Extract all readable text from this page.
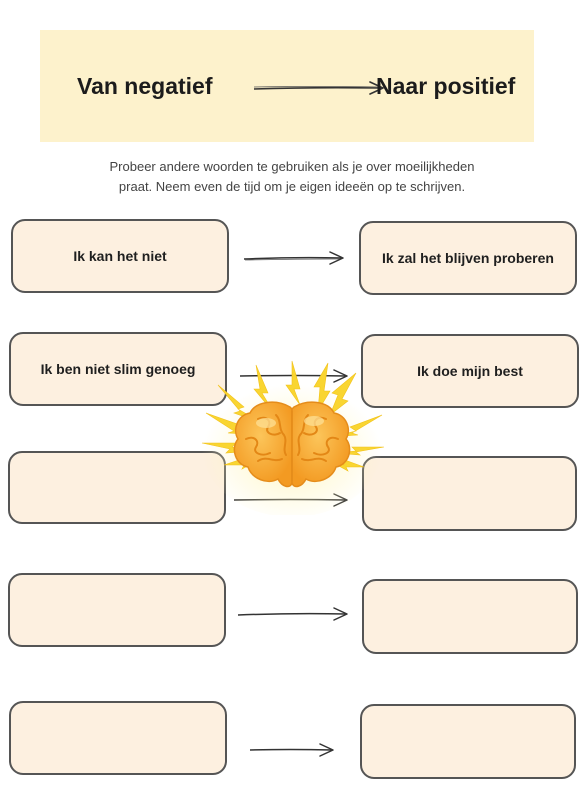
Van negatief	Naar positief
Probeer andere woorden te gebruiken als je over moeilijkheden
praat. Neem even de tijd om je eigen ideeën op te schrijven.
Ik kan het niet	Ik zal het blijven proberen
Ik ben niet slim genoeg	Ik doe mijn best
